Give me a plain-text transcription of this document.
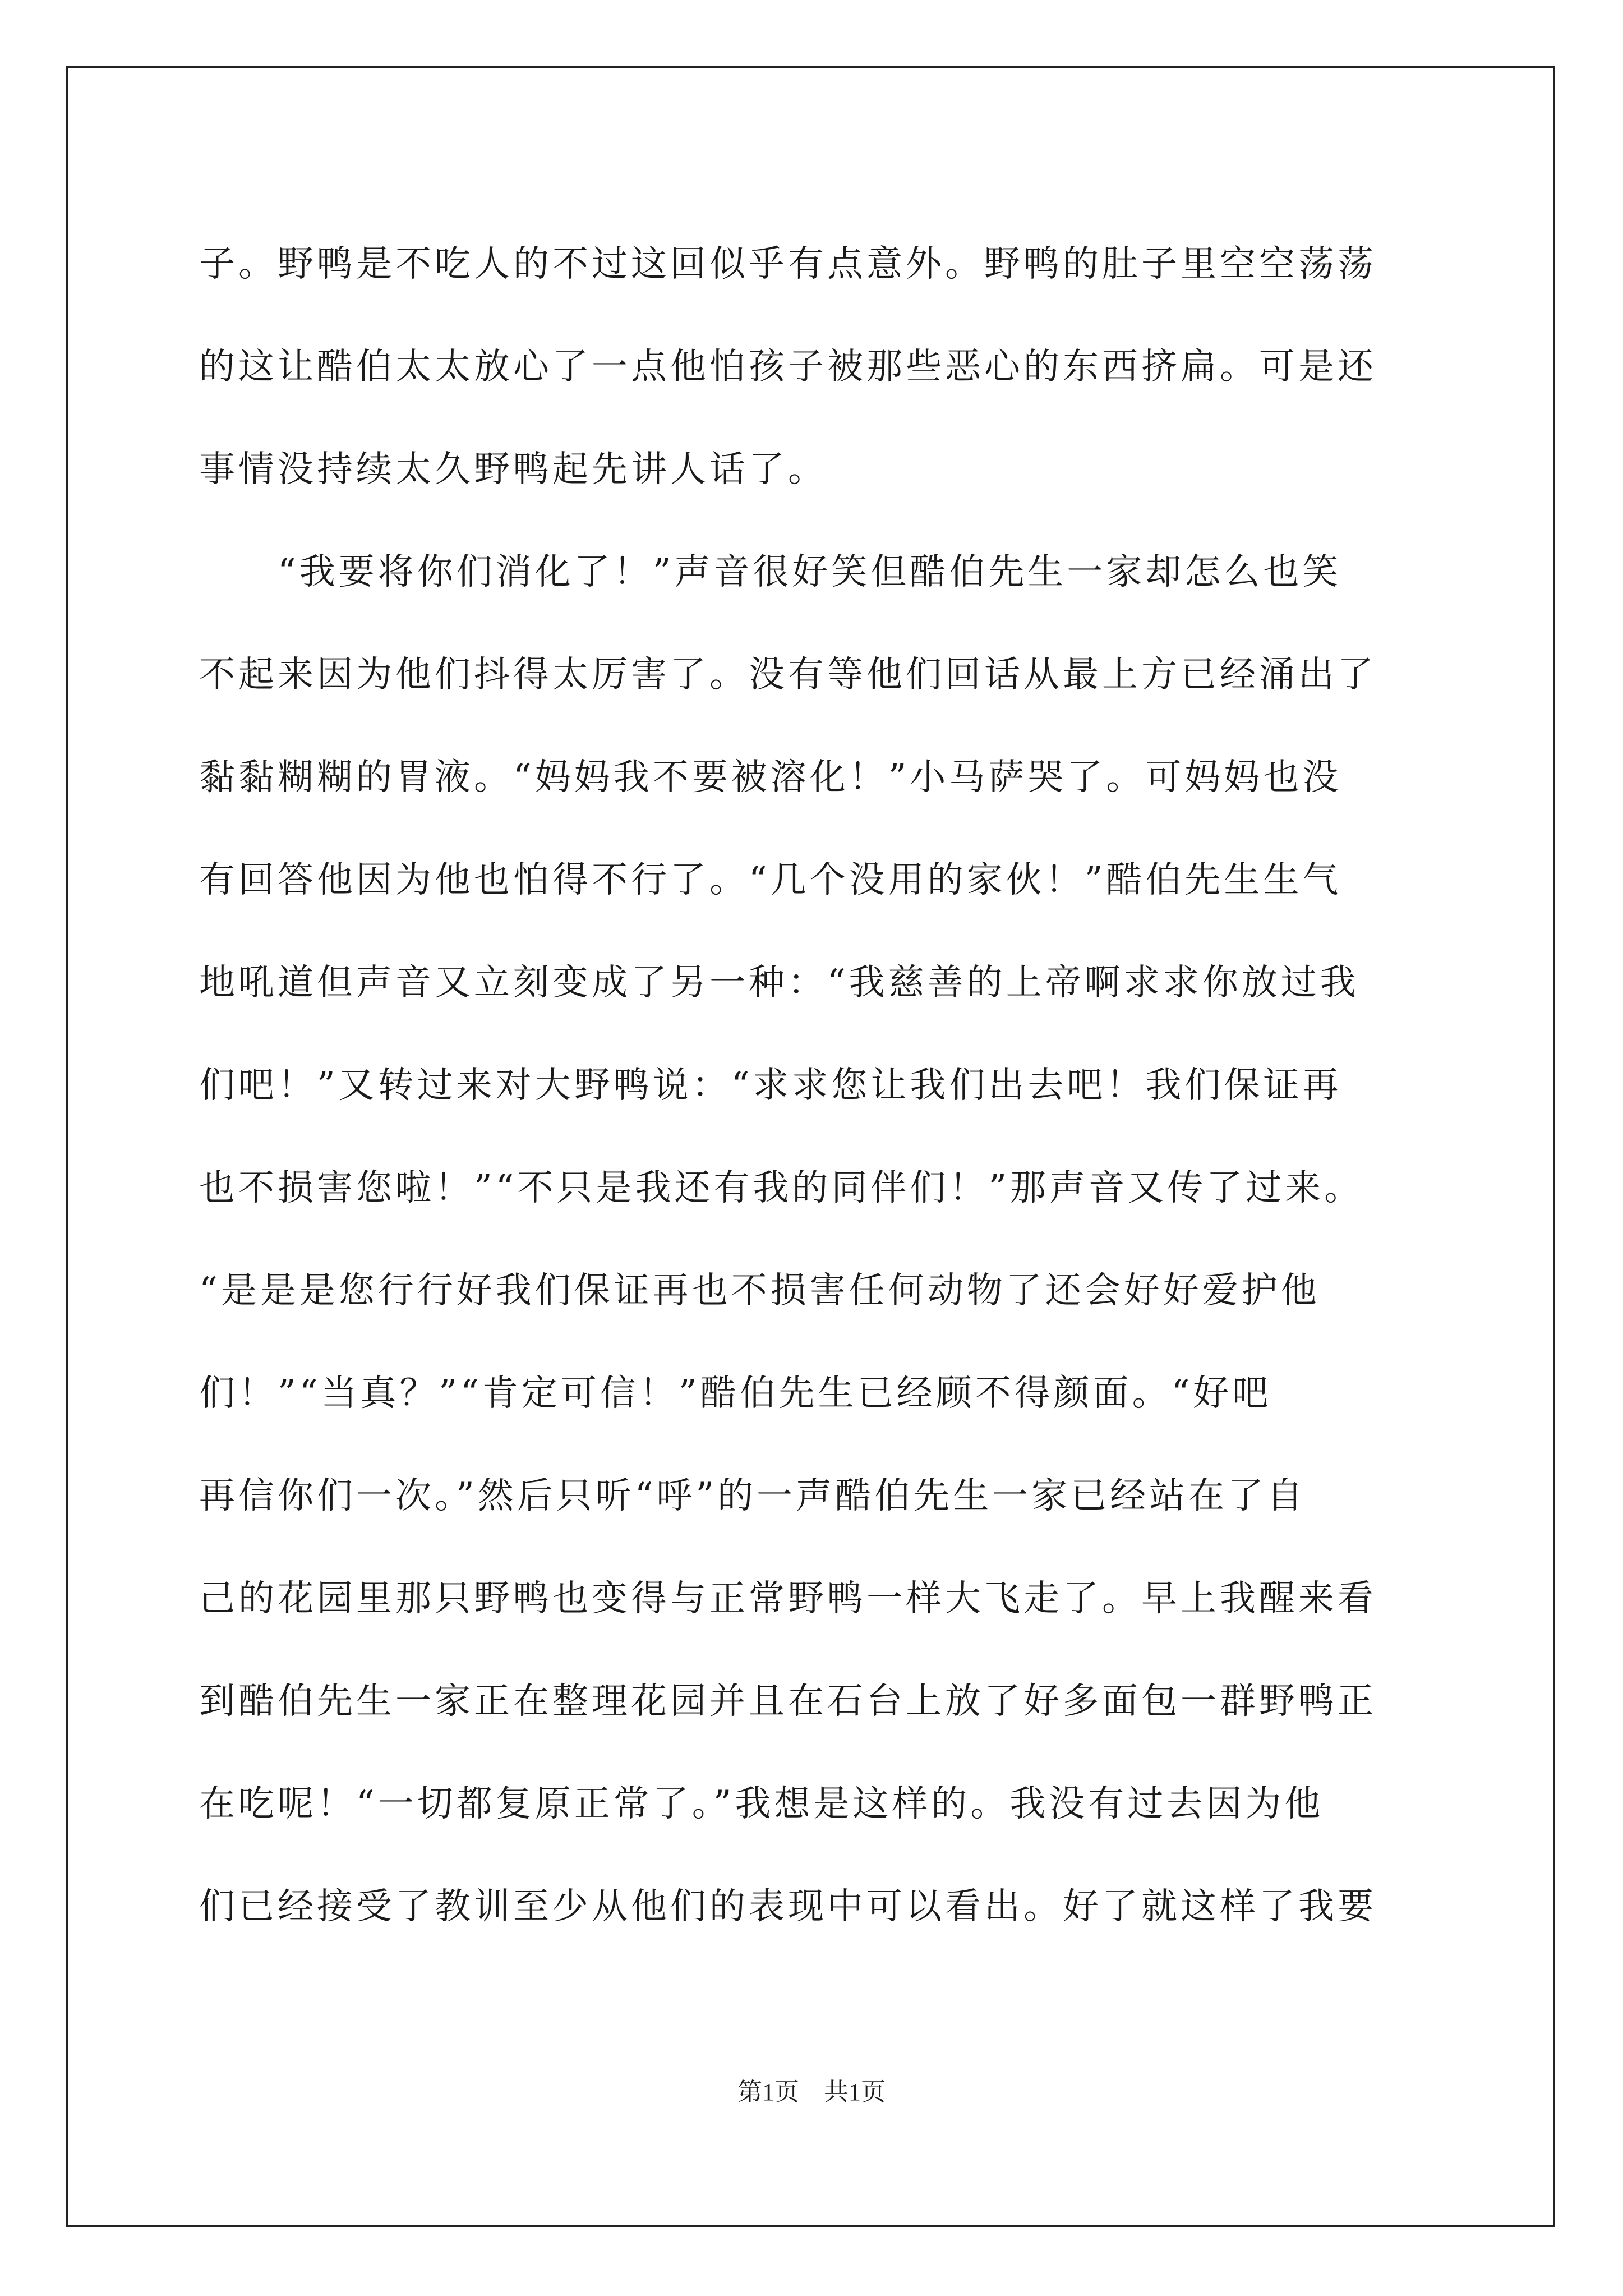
子。野鸭是不吃人的不过这回似乎有点意外。野鸭的肚子里空空荡荡
的这让酷伯太太放心了一点他怕孩子被那些恶心的东西挤扁。可是还
事情没持续太久野鸭起先讲人话了。
　　“我要将你们消化了！”声音很好笑但酷伯先生一家却怎么也笑
不起来因为他们抖得太厉害了。没有等他们回话从最上方已经涌出了
黏黏糊糊的胃液。“妈妈我不要被溶化！”小马萨哭了。可妈妈也没
有回答他因为他也怕得不行了。“几个没用的家伙！”酷伯先生生气
地吼道但声音又立刻变成了另一种：“我慈善的上帝啊求求你放过我
们吧！”又转过来对大野鸭说：“求求您让我们出去吧！我们保证再
也不损害您啦！”“不只是我还有我的同伴们！”那声音又传了过来。
“是是是您行行好我们保证再也不损害任何动物了还会好好爱护他
们！”“当真？”“肯定可信！”酷伯先生已经顾不得颜面。“好吧
再信你们一次。”然后只听“呼”的一声酷伯先生一家已经站在了自
己的花园里那只野鸭也变得与正常野鸭一样大飞走了。早上我醒来看
到酷伯先生一家正在整理花园并且在石台上放了好多面包一群野鸭正
在吃呢！“一切都复原正常了。”我想是这样的。我没有过去因为他
们已经接受了教训至少从他们的表现中可以看出。好了就这样了我要
第1页　共1页
